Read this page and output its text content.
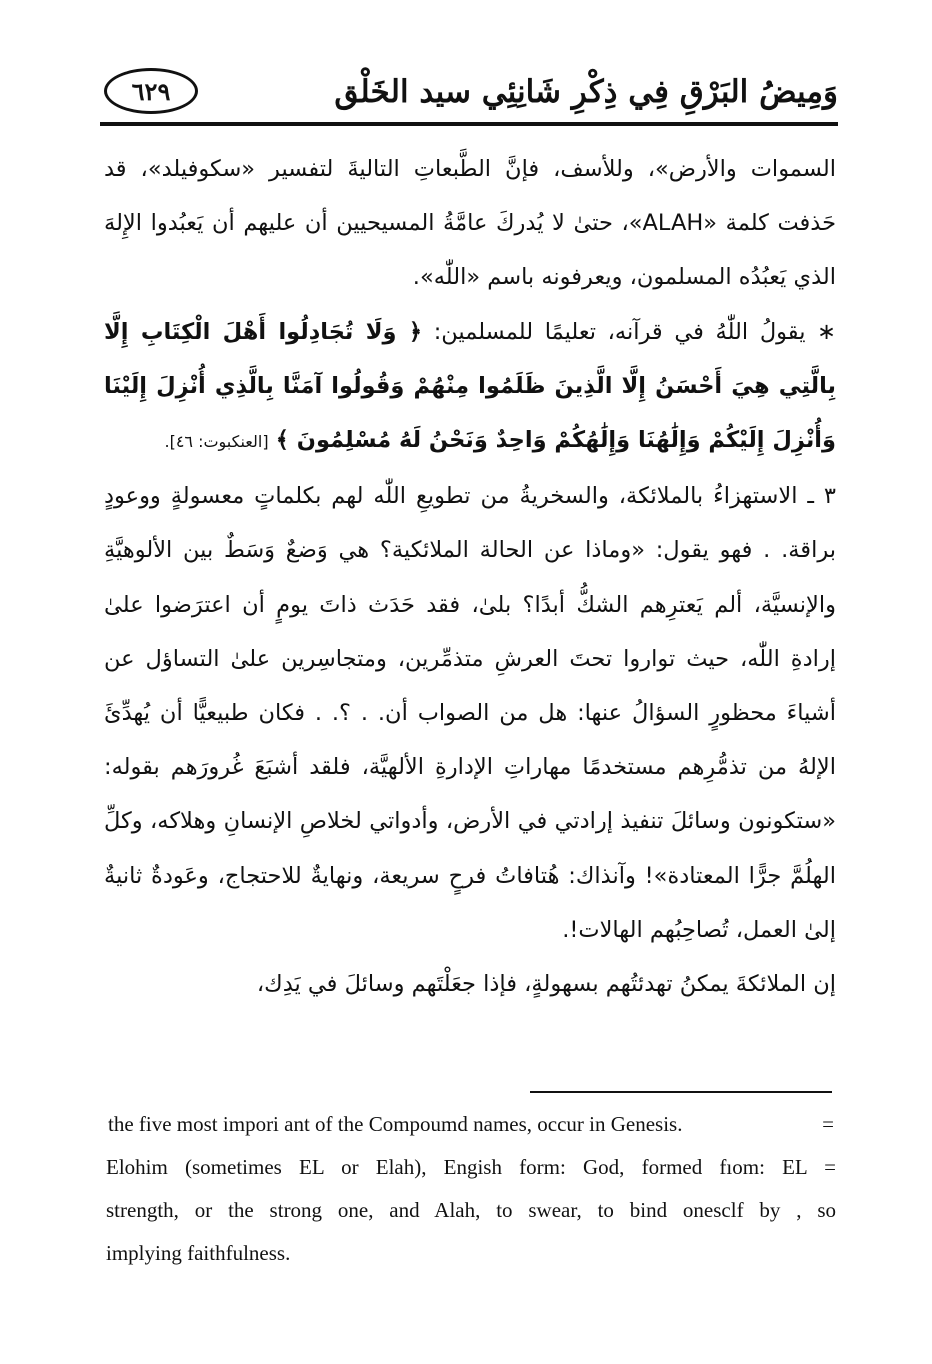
وَمِيضُ البَرْقِ فِي ذِكْرِ شَانِئِي سيد الخَلْق
٦٢٩

السموات والأرض»، وللأسف، فإنَّ الطَّبعاتِ التاليةَ لتفسير «سكوفيلد»، قد حَذفت كلمة «ALAH»، حتىٰ لا يُدركَ عامَّةُ المسيحيين أن عليهم أن يَعبُدوا الإِلهَ الذي يَعبُدُه المسلمون، ويعرفونه باسم «اللّٰه».

∗ يقولُ اللّٰهُ في قرآنه، تعليمًا للمسلمين: ﴿ وَلَا تُجَادِلُوا أَهْلَ الْكِتَابِ إِلَّا بِالَّتِي هِيَ أَحْسَنُ إِلَّا الَّذِينَ ظَلَمُوا مِنْهُمْ وَقُولُوا آمَنَّا بِالَّذِي أُنْزِلَ إِلَيْنَا وَأُنْزِلَ إِلَيْكُمْ وَإِلَٰهُنَا وَإِلَٰهُكُمْ وَاحِدٌ وَنَحْنُ لَهُ مُسْلِمُونَ ﴾ [العنكبوت: ٤٦].

٣ ـ الاستهزاءُ بالملائكة، والسخريةُ من تطويعِ اللّٰه لهم بكلماتٍ معسولةٍ ووعودٍ براقة. . فهو يقول: «وماذا عن الحالة الملائكية؟ هي وَضعٌ وَسَطٌ بين الألوهيَّةِ والإنسيَّة، ألم يَعترِهم الشكُّ أبدًا؟ بلىٰ، فقد حَدَث ذاتَ يومٍ أن اعترَضوا علىٰ إرادةِ اللّٰه، حيث تواروا تحتَ العرشِ متذمِّرين، ومتجاسِرين علىٰ التساؤل عن أشياءَ محظورٍ السؤالُ عنها: هل من الصواب أن. . ؟. . فكان طبيعيًّا أن يُهدِّئَ الإلهُ من تذمُّرِهم مستخدمًا مهاراتِ الإدارةِ الألهيَّة، فلقد أشبَعَ غُرورَهم بقوله: «ستكونون وسائلَ تنفيذ إرادتي في الأرض، وأدواتي لخلاصِ الإنسانِ وهلاكه، وكلِّ الهلُمَّ جرًّا المعتادة»! وآنذاك: هُتافاتُ فرحٍ سريعة، ونهايةٌ للاحتجاج، وعَودةٌ ثانيةٌ إلىٰ العمل، تُصاحِبُهم الهالات!.

إن الملائكةَ يمكنُ تهدئتُهم بسهولةٍ، فإذا جعَلْتَهم وسائلَ في يَدِك،

the five most impori ant of the Compoumd names, occur in Genesis.	=

Elohim (sometimes EL or Elah), Engish form: God, formed fıom: EL =

strength, or the strong one, and Alah, to swear, to bind onesclf by , so

implying faithfulness.
